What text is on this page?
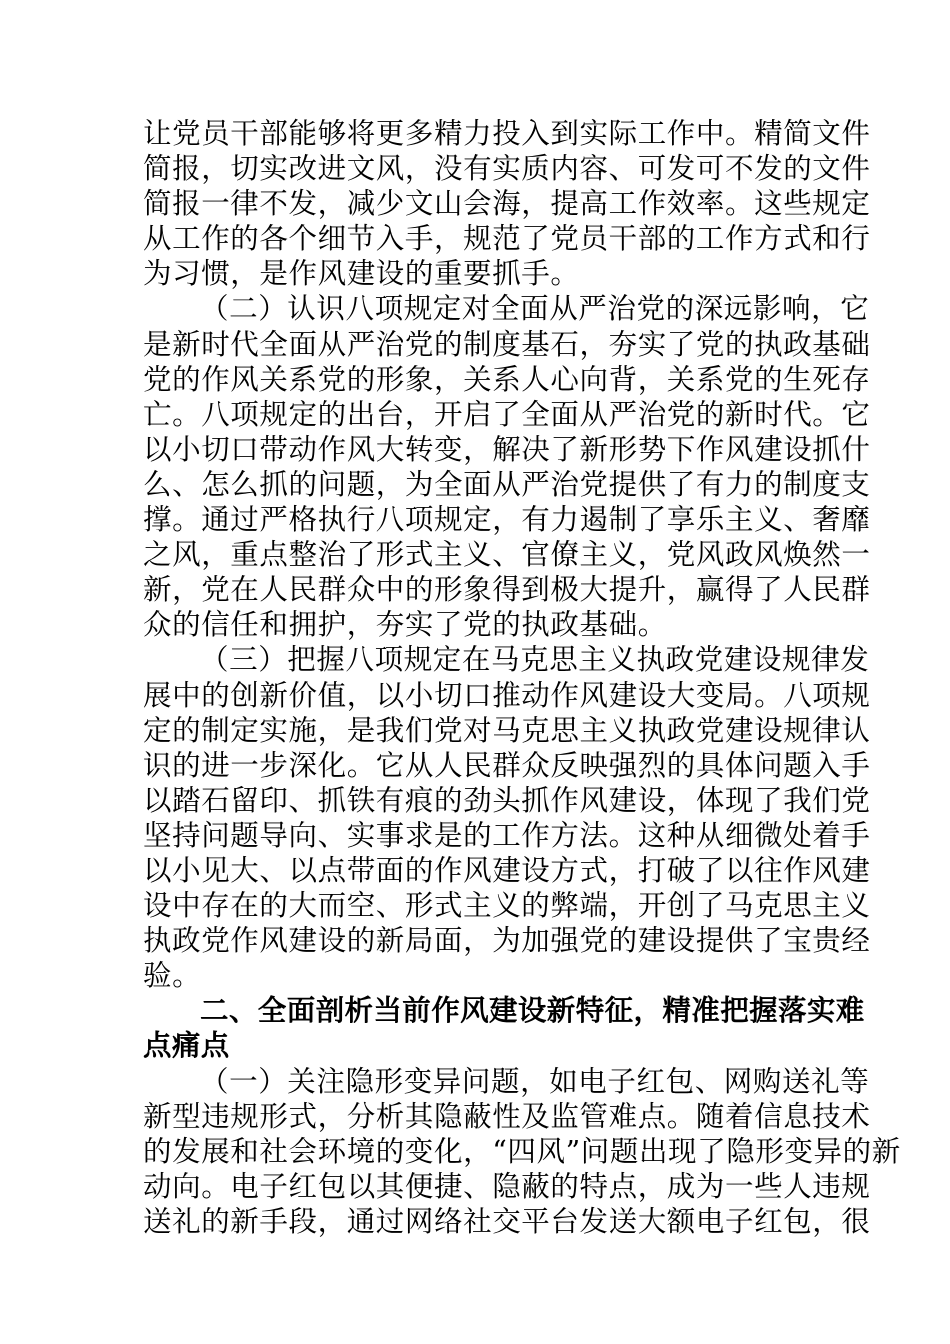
让党员干部能够将更多精力投入到实际工作中。精简文件
简报，切实改进文风，没有实质内容、可发可不发的文件
简报一律不发，减少文山会海，提高工作效率。这些规定
从工作的各个细节入手，规范了党员干部的工作方式和行
为习惯，是作风建设的重要抓手。
（二）认识八项规定对全面从严治党的深远影响，它
是新时代全面从严治党的制度基石，夯实了党的执政基础
党的作风关系党的形象，关系人心向背，关系党的生死存
亡。八项规定的出台，开启了全面从严治党的新时代。它
以小切口带动作风大转变，解决了新形势下作风建设抓什
么、怎么抓的问题，为全面从严治党提供了有力的制度支
撑。通过严格执行八项规定，有力遏制了享乐主义、奢靡
之风，重点整治了形式主义、官僚主义，党风政风焕然一
新，党在人民群众中的形象得到极大提升，赢得了人民群
众的信任和拥护，夯实了党的执政基础。
（三）把握八项规定在马克思主义执政党建设规律发
展中的创新价值，以小切口推动作风建设大变局。八项规
定的制定实施，是我们党对马克思主义执政党建设规律认
识的进一步深化。它从人民群众反映强烈的具体问题入手
以踏石留印、抓铁有痕的劲头抓作风建设，体现了我们党
坚持问题导向、实事求是的工作方法。这种从细微处着手
以小见大、以点带面的作风建设方式，打破了以往作风建
设中存在的大而空、形式主义的弊端，开创了马克思主义
执政党作风建设的新局面，为加强党的建设提供了宝贵经
验。
二、全面剖析当前作风建设新特征，精准把握落实难
点痛点
（一）关注隐形变异问题，如电子红包、网购送礼等
新型违规形式，分析其隐蔽性及监管难点。随着信息技术
的发展和社会环境的变化，“四风”问题出现了隐形变异的新
动向。电子红包以其便捷、隐蔽的特点，成为一些人违规
送礼的新手段，通过网络社交平台发送大额电子红包，很
